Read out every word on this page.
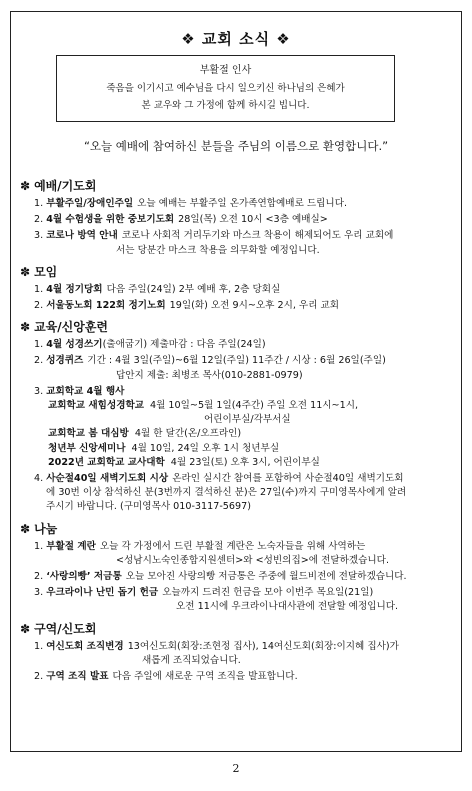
❖ 교회 소식 ❖
부활절 인사
죽음을 이기시고 예수님을 다시 일으키신 하나님의 은혜가
본 교우와 그 가정에 함께 하시길 빕니다.
“오늘 예배에 참여하신 분들을 주님의 이름으로 환영합니다.”
✽ 예배/기도회
1. 부활주일/장애인주일 오늘 예배는 부활주일 온가족연합예배로 드립니다.
2. 4월 수험생을 위한 중보기도회 28일(목) 오전 10시 <3층 예배실>
3. 코로나 방역 안내 코로나 사회적 거리두기와 마스크 착용이 해제되어도 우리 교회에
서는 당분간 마스크 착용을 의무화할 예정입니다.
✽ 모임
1. 4월 정기당회 다음 주일(24일) 2부 예배 후, 2층 당회실
2. 서울동노회 122회 정기노회 19일(화) 오전 9시~오후 2시, 우리 교회
✽ 교육/신앙훈련
1. 4월 성경쓰기(출애굽기) 제출마감 : 다음 주일(24일)
2. 성경퀴즈 기간 : 4월 3일(주일)~6월 12일(주일) 11주간 / 시상 : 6월 26일(주일)
답안지 제출: 최병조 목사(010-2881-0979)
3. 교회학교 4월 행사
교회학교 새힘성경학교 4월 10일~5월 1일(4주간) 주일 오전 11시~1시,
어린이부실/각부서실
교회학교 봄 대심방 4월 한 달간(온/오프라인)
청년부 신앙세미나 4월 10일, 24일 오후 1시 청년부실
2022년 교회학교 교사대학 4월 23일(토) 오후 3시, 어린이부실
4. 사순절40일 새벽기도회 시상 온라인 실시간 참여를 포함하여 사순절40일 새벽기도회
에 30번 이상 참석하신 분(3번까지 결석하신 분)은 27일(수)까지 구미영목사에게 알려
주시기 바랍니다. (구미영목사 010-3117-5697)
✽ 나눔
1. 부활절 계란 오늘 각 가정에서 드린 부활절 계란은 노숙자들을 위해 사역하는
<성남시노숙인종합지원센터>와 <성빈의집>에 전달하겠습니다.
2. ‘사랑의빵’ 저금통 오늘 모아진 사랑의빵 저금통은 주중에 월드비전에 전달하겠습니다.
3. 우크라이나 난민 돕기 헌금 오늘까지 드려진 헌금을 모아 이번주 목요일(21일)
오전 11시에 우크라이나대사관에 전달할 예정입니다.
✽ 구역/신도회
1. 여신도회 조직변경 13여신도회(회장:조현정 집사), 14여신도회(회장:이지혜 집사)가
새롭게 조직되었습니다.
2. 구역 조직 발표 다음 주일에 새로운 구역 조직을 발표합니다.
2
